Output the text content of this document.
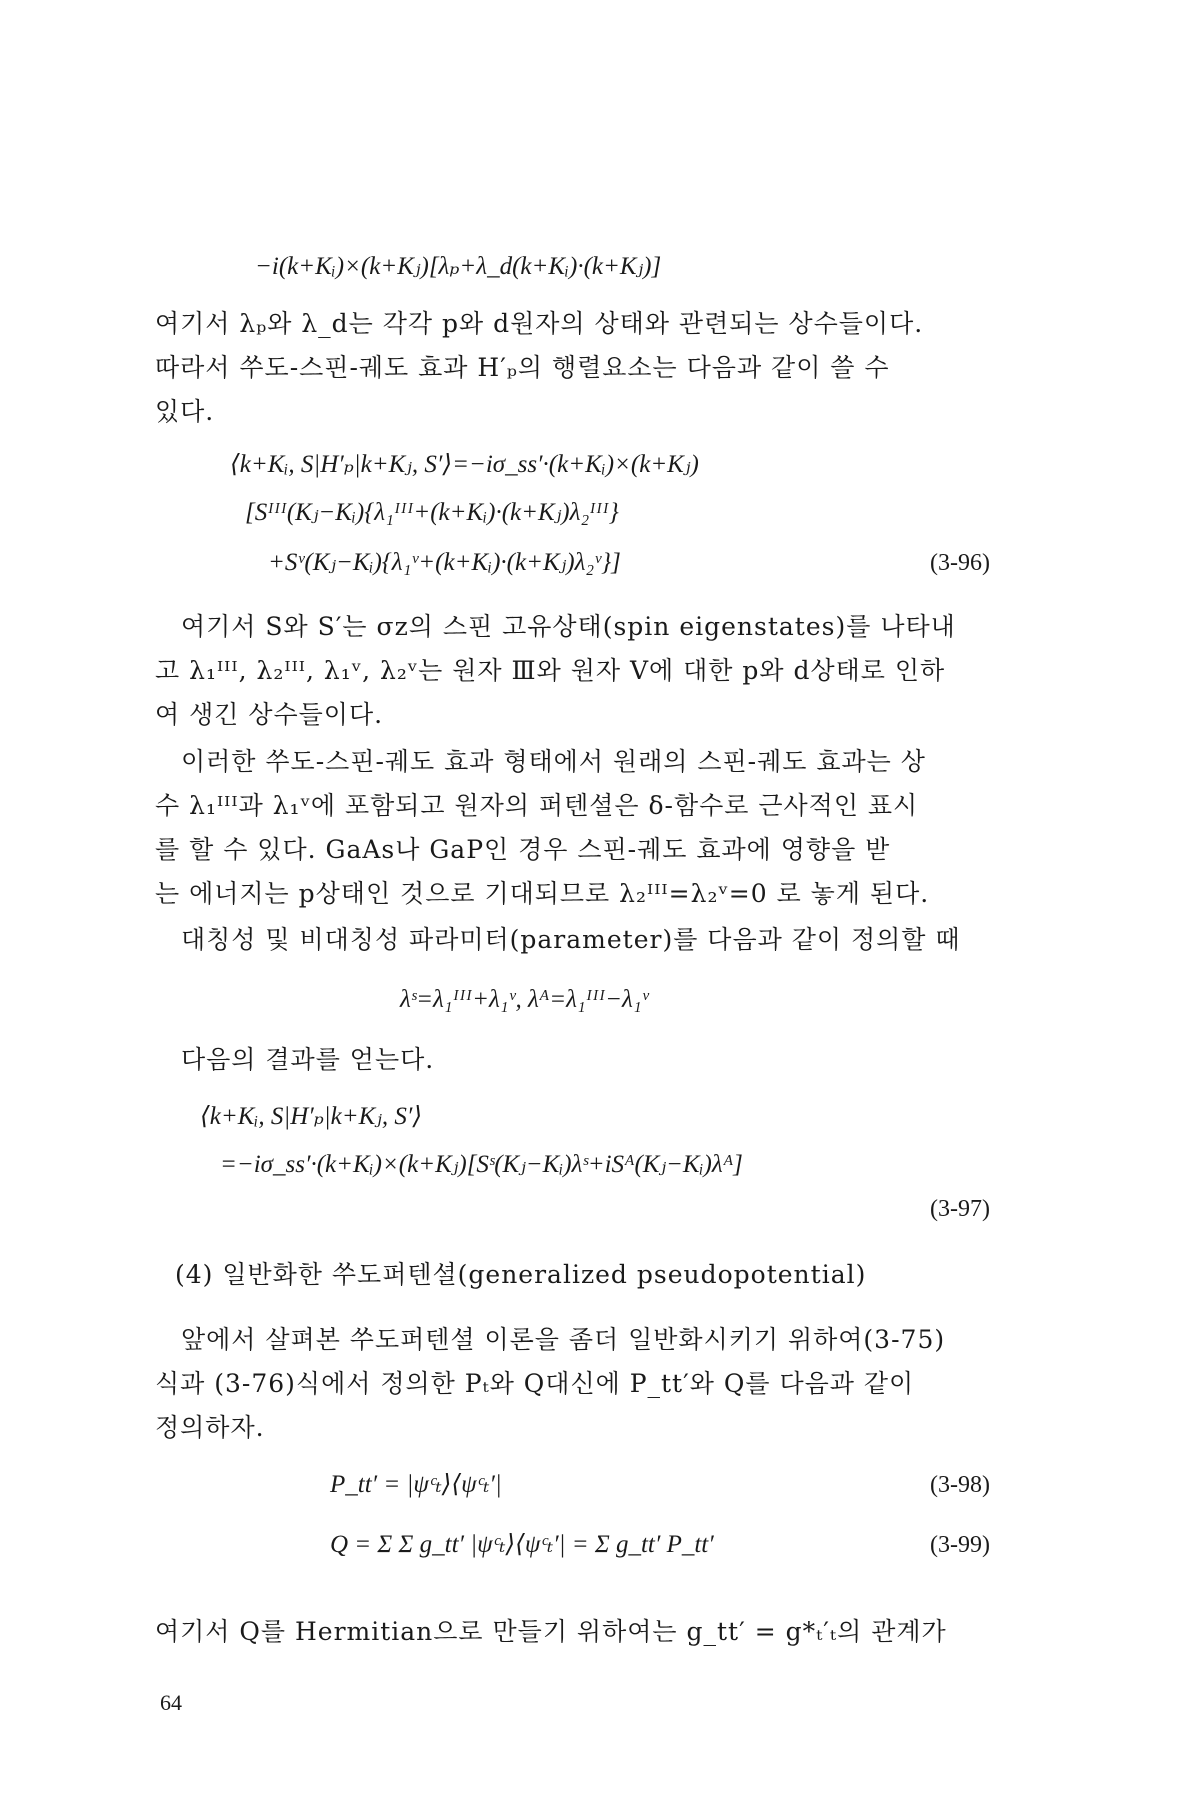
−i(k+Kᵢ)×(k+Kⱼ)[λₚ+λ_d(k+Kᵢ)·(k+Kⱼ)]
여기서 λₚ와 λ_d는 각각 p와 d원자의 상태와 관련되는 상수들이다.
따라서 쑤도-스핀-궤도 효과 H′ₚ의 행렬요소는 다음과 같이 쓸 수
있다.
⟨k+Kᵢ, S|H′ₚ|k+Kⱼ, S′⟩=−iσ_ss′·(k+Kᵢ)×(k+Kⱼ)
[Sᴵᴵᴵ(Kⱼ−Kᵢ){λ₁ᴵᴵᴵ+(k+Kᵢ)·(k+Kⱼ)λ₂ᴵᴵᴵ}
+Sᵛ(Kⱼ−Kᵢ){λ₁ᵛ+(k+Kᵢ)·(k+Kⱼ)λ₂ᵛ}]	(3-96)
여기서 S와 S′는 σz의 스핀 고유상태(spin eigenstates)를 나타내
고 λ₁ᴵᴵᴵ, λ₂ᴵᴵᴵ, λ₁ᵛ, λ₂ᵛ는 원자 Ⅲ와 원자 V에 대한 p와 d상태로 인하
여 생긴 상수들이다.
이러한 쑤도-스핀-궤도 효과 형태에서 원래의 스핀-궤도 효과는 상
수 λ₁ᴵᴵᴵ과 λ₁ᵛ에 포함되고 원자의 퍼텐셜은 δ-함수로 근사적인 표시
를 할 수 있다. GaAs나 GaP인 경우 스핀-궤도 효과에 영향을 받
는 에너지는 p상태인 것으로 기대되므로 λ₂ᴵᴵᴵ=λ₂ᵛ=0 로 놓게 된다.
대칭성 및 비대칭성 파라미터(parameter)를 다음과 같이 정의할 때
λˢ=λ₁ᴵᴵᴵ+λ₁ᵛ, λᴬ=λ₁ᴵᴵᴵ−λ₁ᵛ
다음의 결과를 얻는다.
⟨k+Kᵢ, S|H′ₚ|k+Kⱼ, S′⟩
=−iσ_ss′·(k+Kᵢ)×(k+Kⱼ)[Sˢ(Kⱼ−Kᵢ)λˢ+iSᴬ(Kⱼ−Kᵢ)λᴬ]
(3-97)
(4) 일반화한 쑤도퍼텐셜(generalized pseudopotential)
앞에서 살펴본 쑤도퍼텐셜 이론을 좀더 일반화시키기 위하여(3-75)
식과 (3-76)식에서 정의한 Pₜ와 Q대신에 P_tt′와 Q를 다음과 같이
정의하자.
P_tt′ = |ψᶜₜ⟩⟨ψᶜₜ′|	(3-98)
Q = Σ Σ g_tt′ |ψᶜₜ⟩⟨ψᶜₜ′| = Σ g_tt′ P_tt′	(3-99)
여기서 Q를 Hermitian으로 만들기 위하여는 g_tt′ = g*ₜ′ₜ의 관계가
64
